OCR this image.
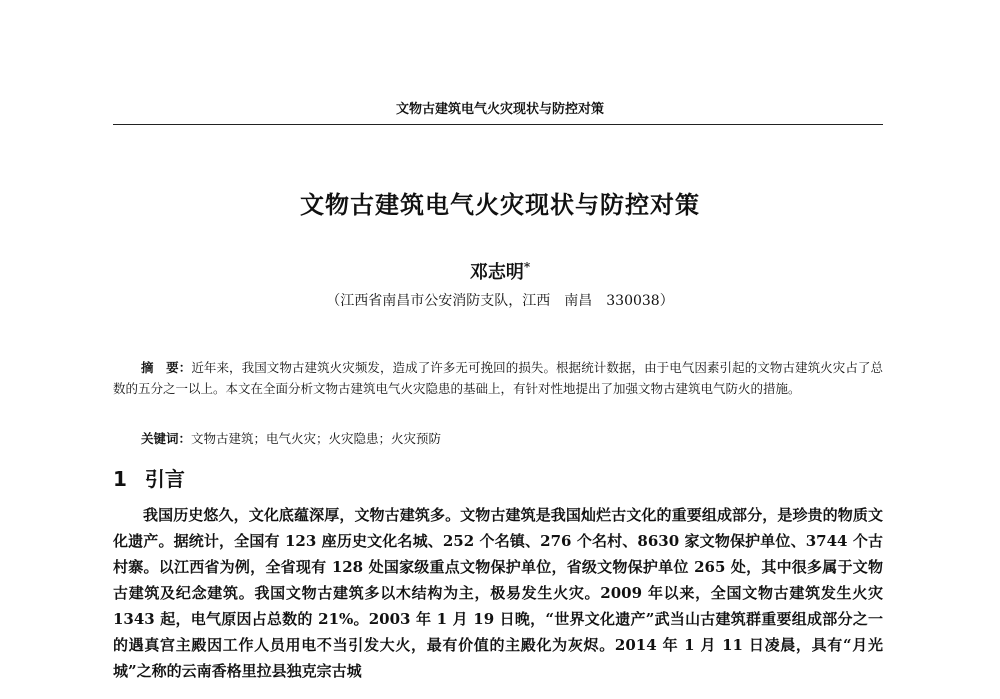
文物古建筑电气火灾现状与防控对策
文物古建筑电气火灾现状与防控对策
邓志明*
（江西省南昌市公安消防支队，江西　南昌　330038）

摘　要：近年来，我国文物古建筑火灾频发，造成了许多无可挽回的损失。根据统计数据，由于电气因素引起的文物古建筑火灾占了总数的五分之一以上。本文在全面分析文物古建筑电气火灾隐患的基础上，有针对性地提出了加强文物古建筑电气防火的措施。

关键词：文物古建筑；电气火灾；火灾隐患；火灾预防
1 引言

我国历史悠久，文化底蕴深厚，文物古建筑多。文物古建筑是我国灿烂古文化的重要组成部分，是珍贵的物质文化遗产。据统计，全国有 123 座历史文化名城、252 个名镇、276 个名村、8630 家文物保护单位、3744 个古村寨。以江西省为例，全省现有 128 处国家级重点文物保护单位，省级文物保护单位 265 处，其中很多属于文物古建筑及纪念建筑。我国文物古建筑多以木结构为主，极易发生火灾。2009 年以来，全国文物古建筑发生火灾 1343 起，电气原因占总数的 21%。2003 年 1 月 19 日晚，“世界文化遗产”武当山古建筑群重要组成部分之一的遇真宫主殿因工作人员用电不当引发大火，最有价值的主殿化为灰烬。2014 年 1 月 11 日凌晨，具有“月光城”之称的云南香格里拉县独克宗古城
